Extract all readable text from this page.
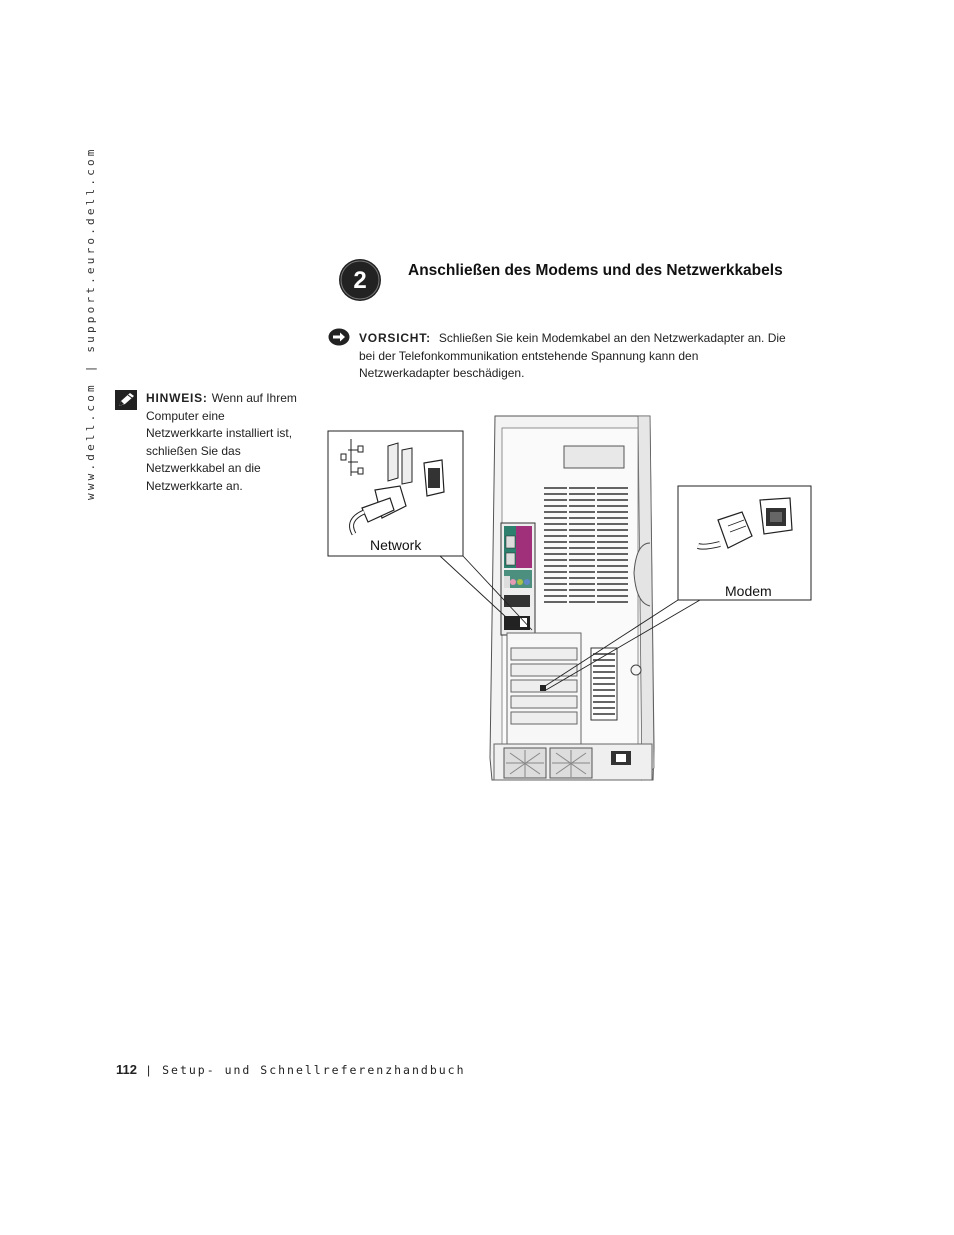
www.dell.com | support.euro.dell.com	2	Anschließen des Modems und des Netzwerkkabels
VORSICHT: Schließen Sie kein Modemkabel an den Netzwerkadapter an. Die bei der Telefonkommunikation entstehende Spannung kann den Netzwerkadapter beschädigen.
HINWEIS: Wenn auf Ihrem Computer eine Netzwerkkarte installiert ist, schließen Sie das Netzwerkkabel an die Netzwerkkarte an.
Network
Modem
112 | Setup- und Schnellreferenzhandbuch
